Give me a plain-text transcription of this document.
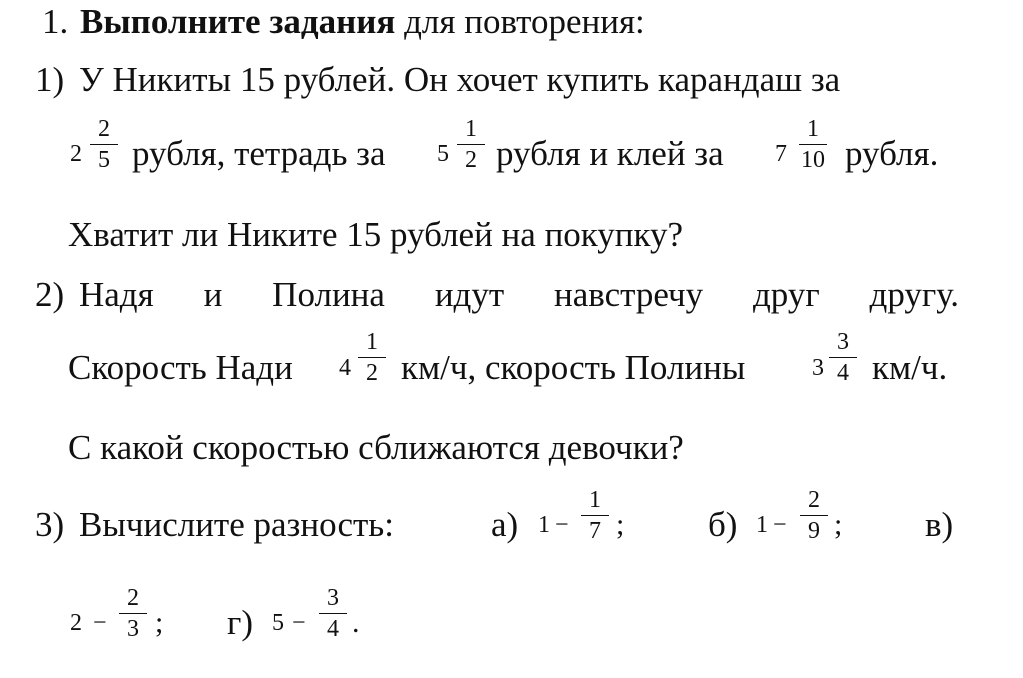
1. Выполните задания для повторения:
1) У Никиты 15 рублей. Он хочет купить карандаш за
2
2
5 рубля, тетрадь за 5
1
2 рубля и клей за 7
1
10 рубля.
Хватит ли Никите 15 рублей на покупку?
2) Надя и Полина идут навстречу друг другу.
Скорость Нади 4
1
2 км/ч, скорость Полины	3
3
4 км/ч.
С какой скоростью сближаются девочки?
3) Вычислите разность:	а) 1 −
1
7 ; б) 1 −
2
9 ; в)
2 −
2
3 ; г) 5 −
3
4 .
